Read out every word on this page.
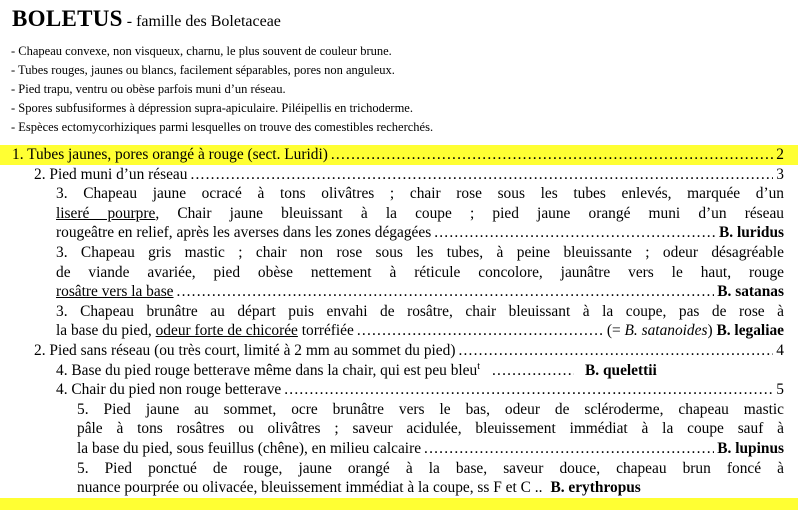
BOLETUS - famille des Boletaceae
- Chapeau convexe, non visqueux, charnu, le plus souvent de couleur brune.
- Tubes rouges, jaunes ou blancs, facilement séparables, pores non anguleux.
- Pied trapu, ventru ou obèse parfois muni d’un réseau.
- Spores subfusiformes à dépression supra-apiculaire. Piléipellis en trichoderme.
- Espèces ectomycorhiziques parmi lesquelles on trouve des comestibles recherchés.
1. Tubes jaunes, pores orangé à rouge (sect. Luridi) .....	2
2. Pied muni d’un réseau .....	3
3. Chapeau jaune ocracé à tons olivâtres ; chair rose sous les tubes enlevés, marquée d’un
liseré pourpre, Chair jaune bleuissant à la coupe ; pied jaune orangé muni d’un réseau
rougeâtre en relief, après les averses dans les zones dégagées .....	B. luridus
3. Chapeau gris mastic ; chair non rose sous les tubes, à peine bleuissante ; odeur désagréable
de viande avariée, pied obèse nettement à réticule concolore, jaunâtre vers le haut, rouge
rosâtre vers la base .....	B. satanas
3. Chapeau brunâtre au départ puis envahi de rosâtre, chair bleuissant à la coupe, pas de rose à
la base du pied, odeur forte de chicorée torréfiée .....	(= B. satanoides) B. legaliae
2. Pied sans réseau (ou très court, limité à 2 mm au sommet du pied) .....	4
4. Base du pied rouge betterave même dans la chair, qui est peu bleu$^t$ .....	B. quelettii
4. Chair du pied non rouge betterave .....	5
5. Pied jaune au sommet, ocre brunâtre vers le bas, odeur de scléroderme, chapeau mastic
pâle à tons rosâtres ou olivâtres ; saveur acidulée, bleuissement immédiat à la coupe sauf à
la base du pied, sous feuillus (chêne), en milieu calcaire .....	B. lupinus
5. Pied ponctué de rouge, jaune orangé à la base, saveur douce, chapeau brun foncé à
nuance pourprée ou olivacée, bleuissement immédiat à la coupe, ss F et C .. B. erythropus
